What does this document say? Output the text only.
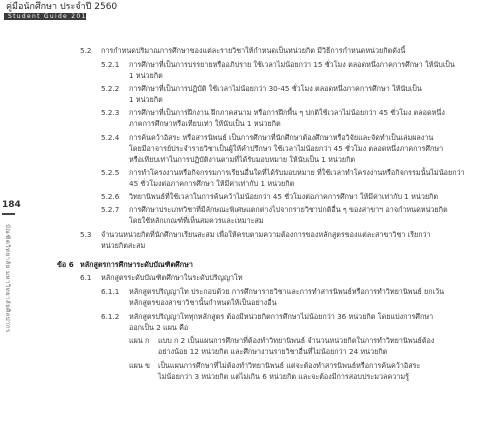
คู่มือนักศึกษา ประจำปี 2560
Student Guide 2017
184
บัณฑิตวิทยาลัย มหาวิทยาลัยศิลปากร
5.2 การกำหนดปริมาณการศึกษาของแต่ละรายวิชาให้กำหนดเป็นหน่วยกิต มีวิธีการกำหนดหน่วยกิตดังนี้
5.2.1 การศึกษาที่เป็นการบรรยายหรืออภิปราย ใช้เวลาไม่น้อยกว่า 15 ชั่วโมง ตลอดหนึ่งภาคการศึกษา ให้นับเป็น
1 หน่วยกิต
5.2.2 การศึกษาที่เป็นการปฏิบัติ ใช้เวลาไม่น้อยกว่า 30-45 ชั่วโมง ตลอดหนึ่งภาคการศึกษา ให้นับเป็น
1 หน่วยกิต
5.2.3 การศึกษาที่เป็นการฝึกงาน ฝึกภาคสนาม หรือการฝึกพื้น ๆ ปกติใช้เวลาไม่น้อยกว่า 45 ชั่วโมง ตลอดหนึ่ง
ภาคการศึกษาหรือเทียบเท่า ให้นับเป็น 1 หน่วยกิต
5.2.4 การค้นคว้าอิสระ หรือสารนิพนธ์ เป็นการศึกษาที่นักศึกษาต้องศึกษาหรือวิจัยและจัดทำเป็นเล่มผลงาน
โดยมีอาจารย์ประจำรายวิชาเป็นผู้ให้คำปรึกษา ใช้เวลาไม่น้อยกว่า 45 ชั่วโมง ตลอดหนึ่งภาคการศึกษา
หรือเทียบเท่าในการปฏิบัติงานตามที่ได้รับมอบหมาย ให้นับเป็น 1 หน่วยกิต
5.2.5 การทำโครงงานหรือกิจกรรมการเรียนอื่นใดที่ได้รับมอบหมาย ที่ใช้เวลาทำโครงงานหรือกิจกรรมนั้นไม่น้อยกว่า
45 ชั่วโมงต่อภาคการศึกษา ให้มีค่าเท่ากับ 1 หน่วยกิต
5.2.6 วิทยานิพนธ์ที่ใช้เวลาในการค้นคว้าไม่น้อยกว่า 45 ชั่วโมงต่อภาคการศึกษา ให้มีค่าเท่ากับ 1 หน่วยกิต
5.2.7 การศึกษาประเภทวิชาที่มีลักษณะพิเศษแตกต่างไปจากรายวิชาปกติอื่น ๆ ของสาขาฯ อาจกำหนดหน่วยกิต
โดยใช้หลักเกณฑ์ที่เห็นสมควรและเหมาะสม
5.3 จำนวนหน่วยกิตที่นักศึกษาเรียนสะสม เพื่อให้ครบตามความต้องการของหลักสูตรของแต่ละสาขาวิชา เรียกว่า
หน่วยกิตสะสม
ข้อ 6 หลักสูตรการศึกษาระดับบัณฑิตศึกษา
6.1 หลักสูตรระดับบัณฑิตศึกษาในระดับปริญญาโท
6.1.1 หลักสูตรปริญญาโท ประกอบด้วย การศึกษารายวิชาและการทำสารนิพนธ์หรือการทำวิทยานิพนธ์ ยกเว้น
หลักสูตรของสาขาวิชานั้นกำหนดให้เป็นอย่างอื่น
6.1.2 หลักสูตรปริญญาโททุกหลักสูตร ต้องมีหน่วยกิตการศึกษาไม่น้อยกว่า 36 หน่วยกิต โดยแบ่งการศึกษา
ออกเป็น 2 แผน คือ
แผน ก แบบ ก 2 เป็นแผนการศึกษาที่ต้องทำวิทยานิพนธ์ จำนวนหน่วยกิตในการทำวิทยานิพนธ์ต้อง
อย่างน้อย 12 หน่วยกิต และศึกษางานรายวิชาอื่นที่ไม่น้อยกว่า 24 หน่วยกิต
แผน ข เป็นแผนการศึกษาที่ไม่ต้องทำวิทยานิพนธ์ แต่จะต้องทำสารนิพนธ์หรือการค้นคว้าอิสระ
ไม่น้อยกว่า 3 หน่วยกิต แต่ไม่เกิน 6 หน่วยกิต และจะต้องมีการสอบประมวลความรู้
